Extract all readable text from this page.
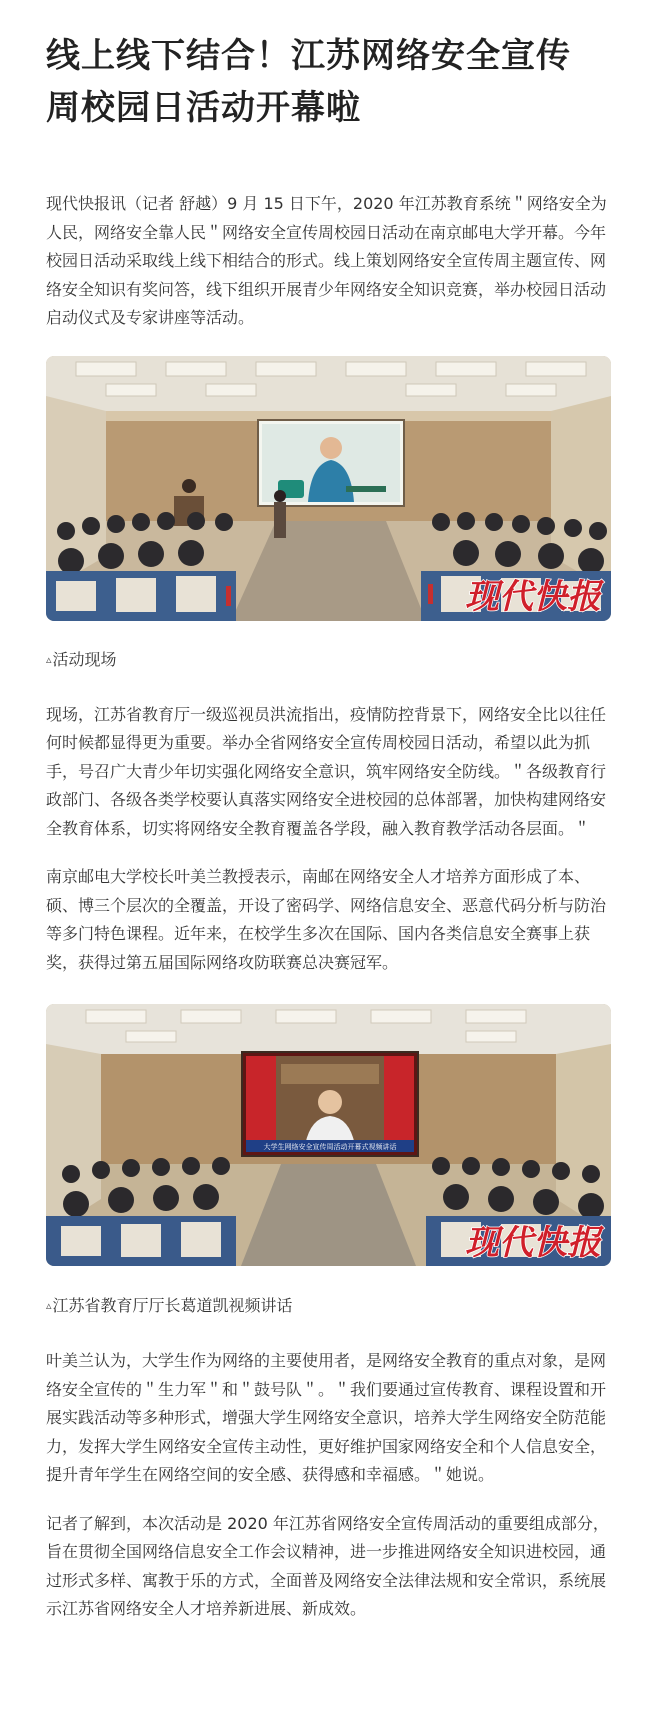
线上线下结合！江苏网络安全宣传
周校园日活动开幕啦

现代快报讯（记者 舒越）9 月 15 日下午，2020 年江苏教育系统＂网络安全为人民，网络安全靠人民＂网络安全宣传周校园日活动在南京邮电大学开幕。今年校园日活动采取线上线下相结合的形式。线上策划网络安全宣传周主题宣传、网络安全知识有奖问答，线下组织开展青少年网络安全知识竞赛，举办校园日活动启动仪式及专家讲座等活动。

现代快报
▵ 活动现场

现场，江苏省教育厅一级巡视员洪流指出，疫情防控背景下，网络安全比以往任何时候都显得更为重要。举办全省网络安全宣传周校园日活动，希望以此为抓手，号召广大青少年切实强化网络安全意识，筑牢网络安全防线。＂各级教育行政部门、各级各类学校要认真落实网络安全进校园的总体部署，加快构建网络安全教育体系，切实将网络安全教育覆盖各学段，融入教育教学活动各层面。＂

南京邮电大学校长叶美兰教授表示，南邮在网络安全人才培养方面形成了本、硕、博三个层次的全覆盖，开设了密码学、网络信息安全、恶意代码分析与防治等多门特色课程。近年来，在校学生多次在国际、国内各类信息安全赛事上获奖，获得过第五届国际网络攻防联赛总决赛冠军。

大学生网络安全宣传周活动开幕式视频讲话
现代快报
▵ 江苏省教育厅厅长葛道凯视频讲话

叶美兰认为，大学生作为网络的主要使用者，是网络安全教育的重点对象，是网络安全宣传的＂生力军＂和＂鼓号队＂。＂我们要通过宣传教育、课程设置和开展实践活动等多种形式，增强大学生网络安全意识，培养大学生网络安全防范能力，发挥大学生网络安全宣传主动性，更好维护国家网络安全和个人信息安全，提升青年学生在网络空间的安全感、获得感和幸福感。＂她说。

记者了解到，本次活动是 2020 年江苏省网络安全宣传周活动的重要组成部分，旨在贯彻全国网络信息安全工作会议精神，进一步推进网络安全知识进校园，通过形式多样、寓教于乐的方式，全面普及网络安全法律法规和安全常识，系统展示江苏省网络安全人才培养新进展、新成效。
